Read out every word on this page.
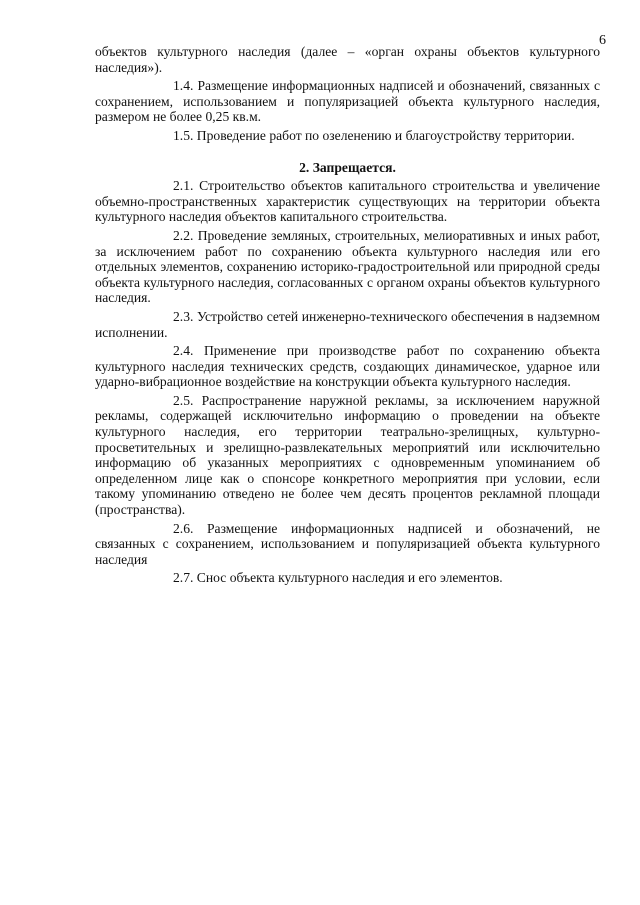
6

объектов культурного наследия (далее – «орган охраны объектов культурного наследия»).

1.4. Размещение информационных надписей и обозначений, связанных с сохранением, использованием и популяризацией объекта культурного наследия, размером не более 0,25 кв.м.

1.5. Проведение работ по озеленению и благоустройству территории.

2. Запрещается.

2.1. Строительство объектов капитального строительства и увеличение объемно-пространственных характеристик существующих на территории объекта культурного наследия объектов капитального строительства.

2.2. Проведение земляных, строительных, мелиоративных и иных работ, за исключением работ по сохранению объекта культурного наследия или его отдельных элементов, сохранению историко-градостроительной или природной среды объекта культурного наследия, согласованных с органом охраны объектов культурного наследия.

2.3. Устройство сетей инженерно-технического обеспечения в надземном исполнении.

2.4. Применение при производстве работ по сохранению объекта культурного наследия технических средств, создающих динамическое, ударное или ударно-вибрационное воздействие на конструкции объекта культурного наследия.

2.5. Распространение наружной рекламы, за исключением наружной рекламы, содержащей исключительно информацию о проведении на объекте культурного наследия, его территории театрально-зрелищных, культурно-просветительных и зрелищно-развлекательных мероприятий или исключительно информацию об указанных мероприятиях с одновременным упоминанием об определенном лице как о спонсоре конкретного мероприятия при условии, если такому упоминанию отведено не более чем десять процентов рекламной площади (пространства).

2.6. Размещение информационных надписей и обозначений, не связанных с сохранением, использованием и популяризацией объекта культурного наследия

2.7. Снос объекта культурного наследия и его элементов.
